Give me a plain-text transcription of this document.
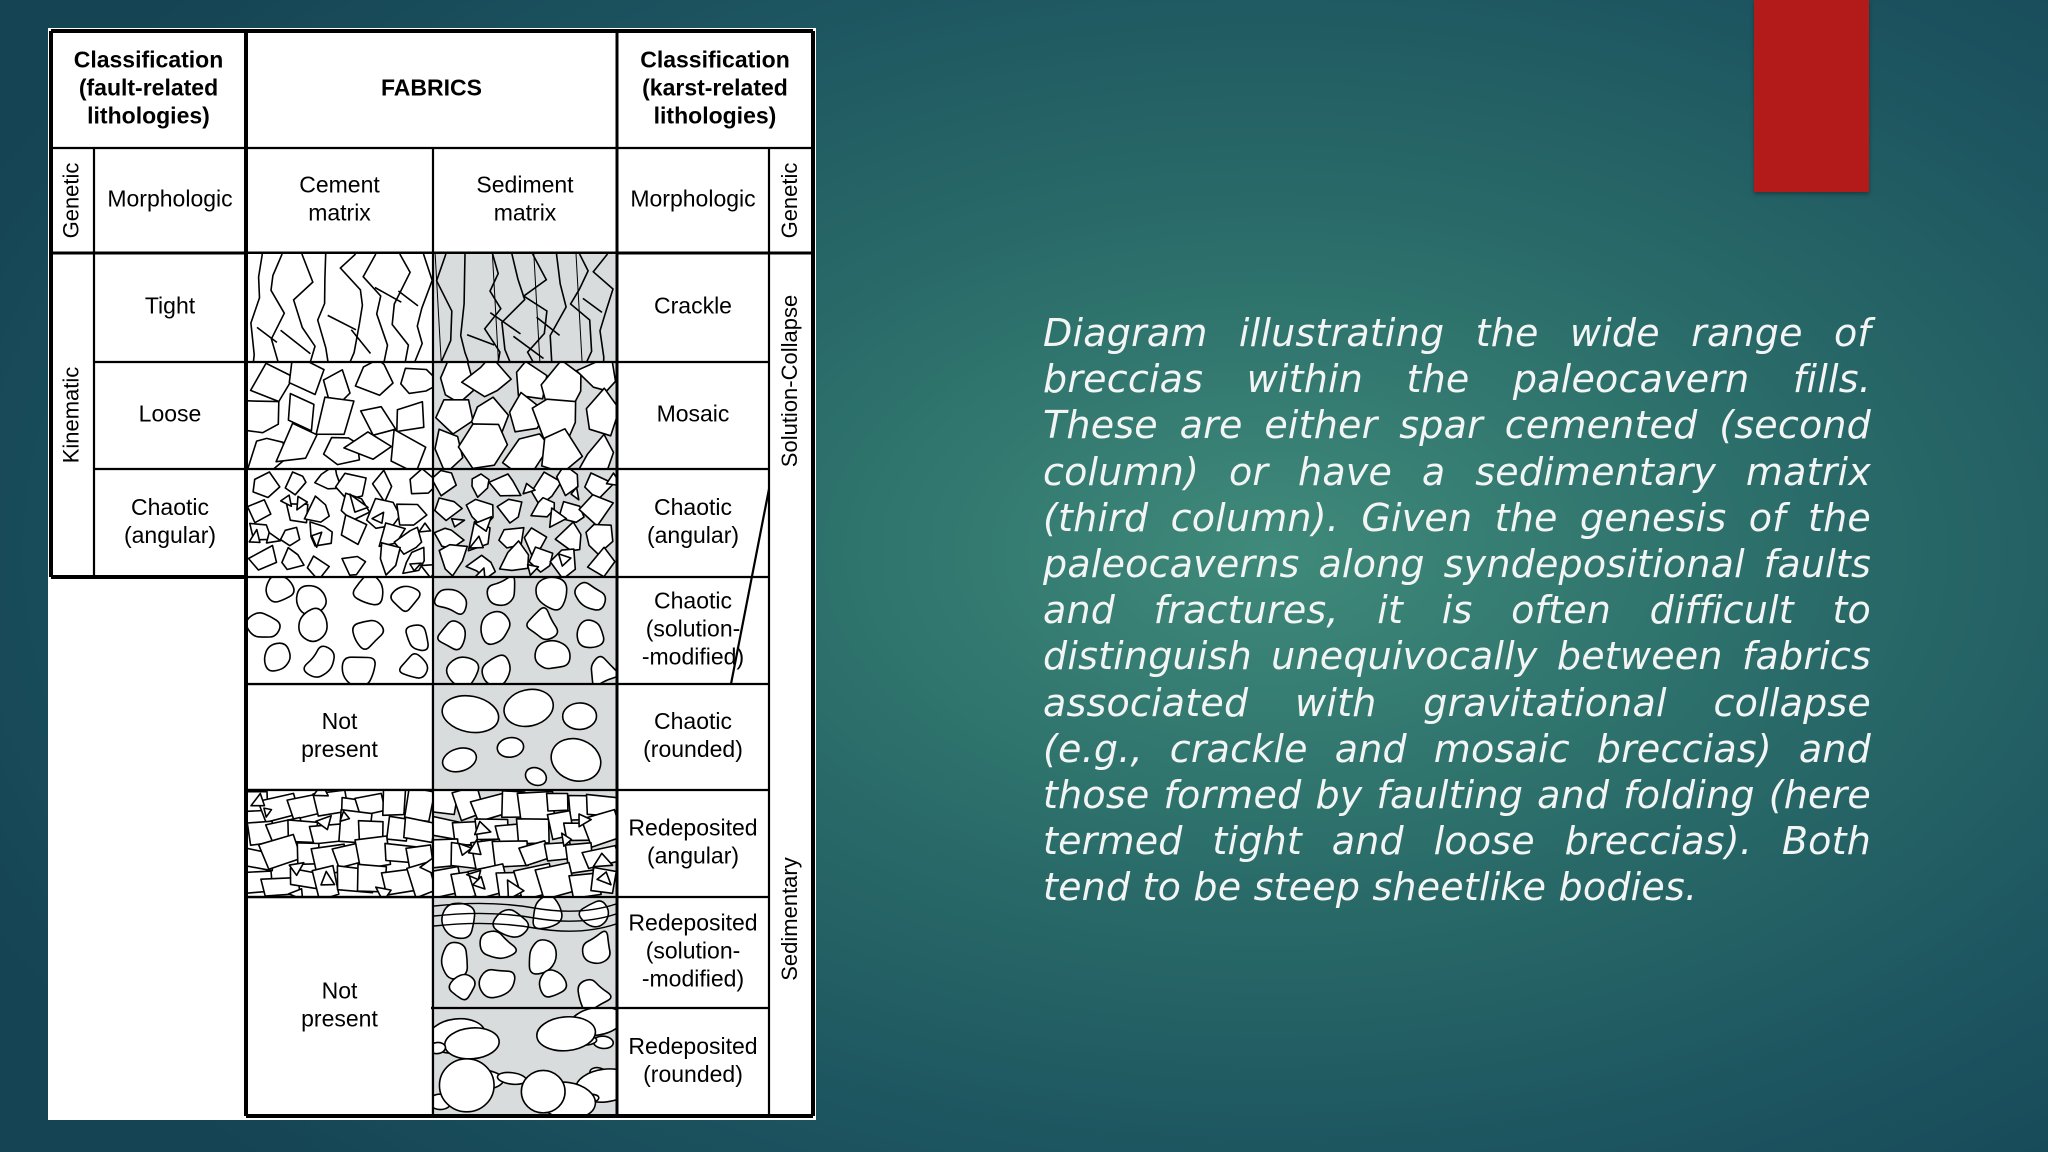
Classification (fault-related lithologies)
FABRICS
Classification (karst-related lithologies)
Genetic Morphologic
Cement matrix
Sediment matrix
Morphologic Genetic
Kinematic
Tight
Loose
Chaotic (angular)
Crackle
Mosaic
Chaotic (angular)
Chaotic (solution--modified)
Chaotic (rounded)
Redeposited (angular)
Redeposited (solution--modified)
Redeposited (rounded)
Solution-Collapse
Sedimentary
Not present
Not present
Diagram illustrating the wide range of breccias within the paleocavern fills. These are either spar cemented (second column) or have a sedimentary matrix (third column). Given the genesis of the paleocaverns along syndepositional faults and fractures, it is often difficult to distinguish unequivocally between fabrics associated with gravitational collapse (e.g., crackle and mosaic breccias) and those formed by faulting and folding (here termed tight and loose breccias). Both tend to be steep sheetlike bodies.
